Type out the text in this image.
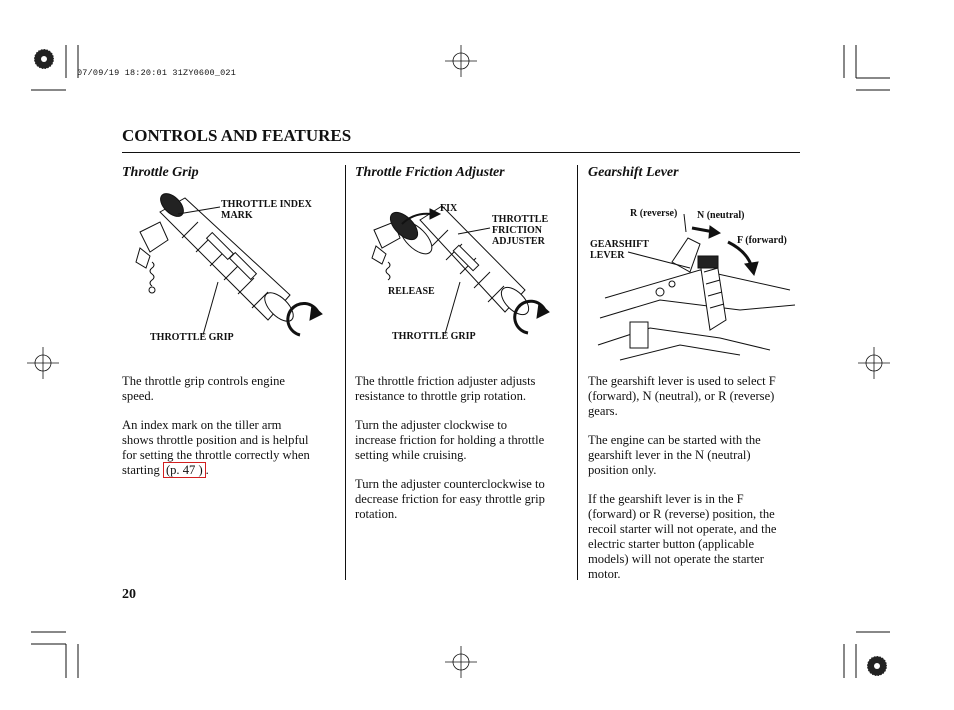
07/09/19 18:20:01 31ZY0600_021
CONTROLS AND FEATURES
Throttle Grip
THROTTLE INDEX
MARK
THROTTLE GRIP
The throttle grip controls engine
speed.
An index mark on the tiller arm
shows throttle position and is helpful
for setting the throttle correctly when
starting (p. 47 ) .
Throttle Friction Adjuster
FIX
THROTTLE
FRICTION
ADJUSTER
RELEASE
THROTTLE GRIP
The throttle friction adjuster adjusts
resistance to throttle grip rotation.
Turn the adjuster clockwise to
increase friction for holding a throttle
setting while cruising.
Turn the adjuster counterclockwise to
decrease friction for easy throttle grip
rotation.
Gearshift Lever
R (reverse) N (neutral)
F (forward)
GEARSHIFT
LEVER
The gearshift lever is used to select F
(forward), N (neutral), or R (reverse)
gears.
The engine can be started with the
gearshift lever in the N (neutral)
position only.
If the gearshift lever is in the F
(forward) or R (reverse) position, the
recoil starter will not operate, and the
electric starter button (applicable
models) will not operate the starter
motor.
20
